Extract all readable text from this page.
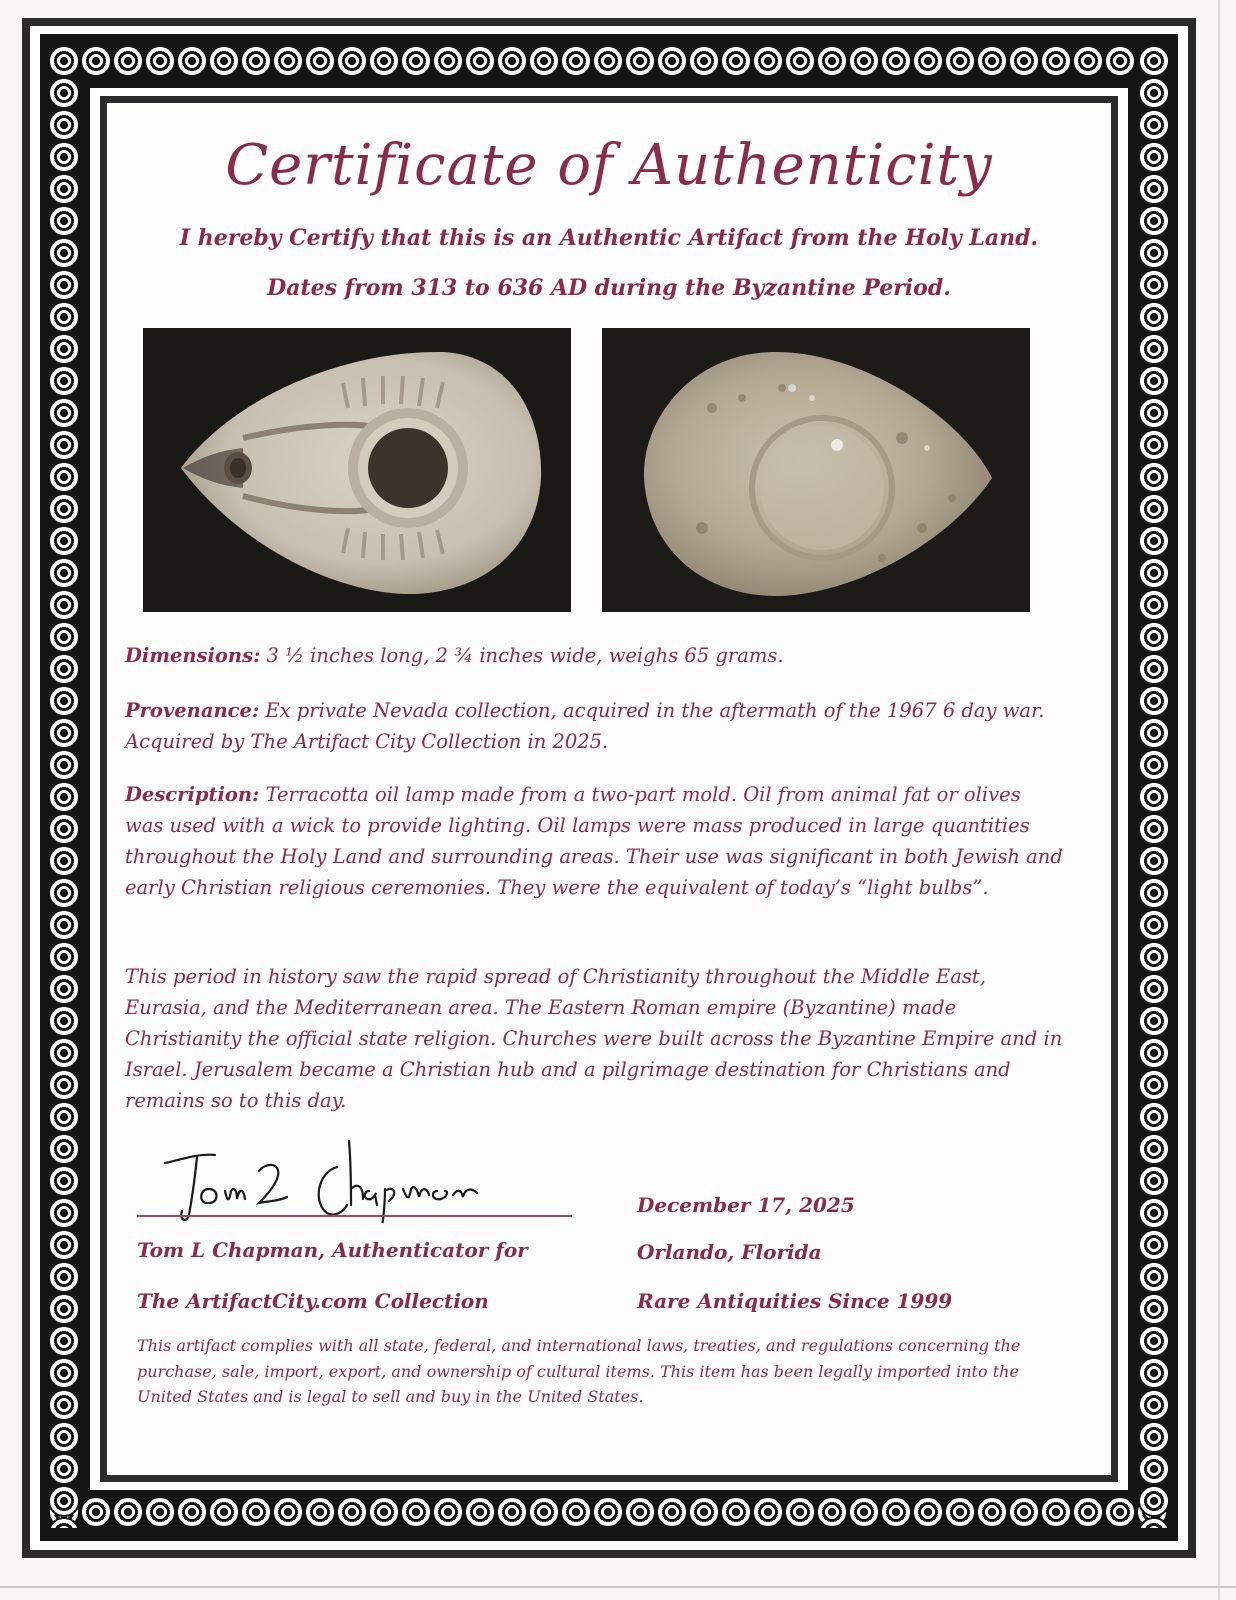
Certificate of Authenticity
I hereby Certify that this is an Authentic Artifact from the Holy Land.
Dates from 313 to 636 AD during the Byzantine Period.
Dimensions: 3 ½ inches long, 2 ¾ inches wide, weighs 65 grams.
Provenance: Ex private Nevada collection, acquired in the aftermath of the 1967 6 day war. Acquired by The Artifact City Collection in 2025.
Description: Terracotta oil lamp made from a two-part mold. Oil from animal fat or olives was used with a wick to provide lighting. Oil lamps were mass produced in large quantities throughout the Holy Land and surrounding areas. Their use was significant in both Jewish and early Christian religious ceremonies. They were the equivalent of today’s “light bulbs”.
This period in history saw the rapid spread of Christianity throughout the Middle East, Eurasia, and the Mediterranean area. The Eastern Roman empire (Byzantine) made Christianity the official state religion. Churches were built across the Byzantine Empire and in Israel. Jerusalem became a Christian hub and a pilgrimage destination for Christians and remains so to this day.
Tom L Chapman, Authenticator for
The ArtifactCity.com Collection
December 17, 2025
Orlando, Florida
Rare Antiquities Since 1999
This artifact complies with all state, federal, and international laws, treaties, and regulations concerning the purchase, sale, import, export, and ownership of cultural items. This item has been legally imported into the United States and is legal to sell and buy in the United States.
